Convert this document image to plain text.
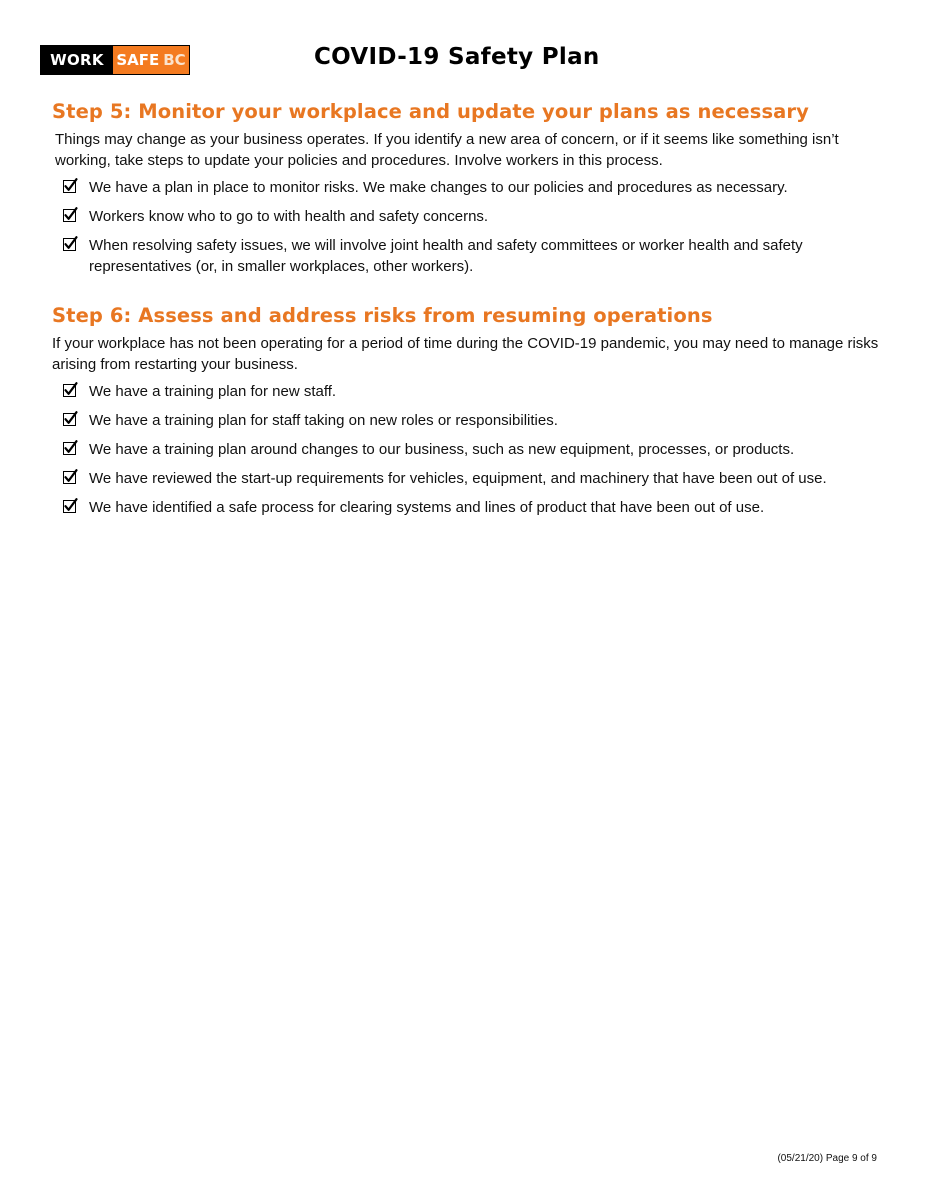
WORK SAFE BC	COVID-19 Safety Plan
Step 5: Monitor your workplace and update your plans as necessary

Things may change as your business operates. If you identify a new area of concern, or if it seems like something isn’t working, take steps to update your policies and procedures. Involve workers in this process.

We have a plan in place to monitor risks. We make changes to our policies and procedures as necessary.
Workers know who to go to with health and safety concerns.
When resolving safety issues, we will involve joint health and safety committees or worker health and safety representatives (or, in smaller workplaces, other workers).
Step 6: Assess and address risks from resuming operations

If your workplace has not been operating for a period of time during the COVID-19 pandemic, you may need to manage risks arising from restarting your business.

We have a training plan for new staff.
We have a training plan for staff taking on new roles or responsibilities.
We have a training plan around changes to our business, such as new equipment, processes, or products.
We have reviewed the start-up requirements for vehicles, equipment, and machinery that have been out of use.
We have identified a safe process for clearing systems and lines of product that have been out of use.
(05/21/20) Page 9 of 9
